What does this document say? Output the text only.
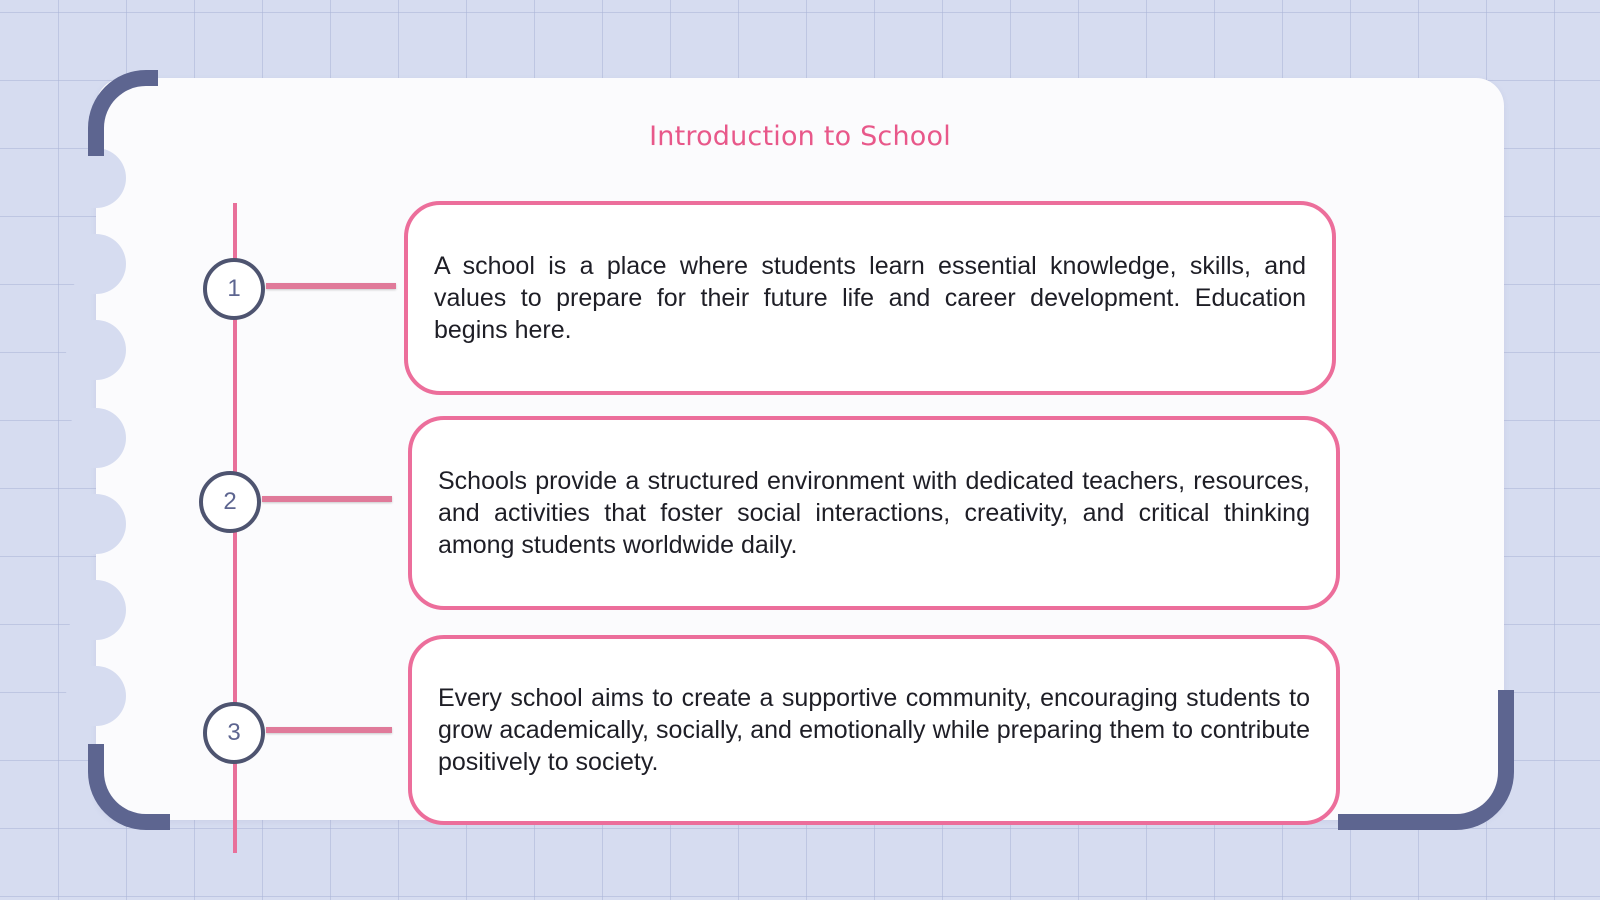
Introduction to School
1

A school is a place where students learn essential knowledge, skills, and values to prepare for their future life and career development. Education begins here.

2

Schools provide a structured environment with dedicated teachers, resources, and activities that foster social interactions, creativity, and critical thinking among students worldwide daily.

3

Every school aims to create a supportive community, encouraging students to grow academically, socially, and emotionally while preparing them to contribute positively to society.
